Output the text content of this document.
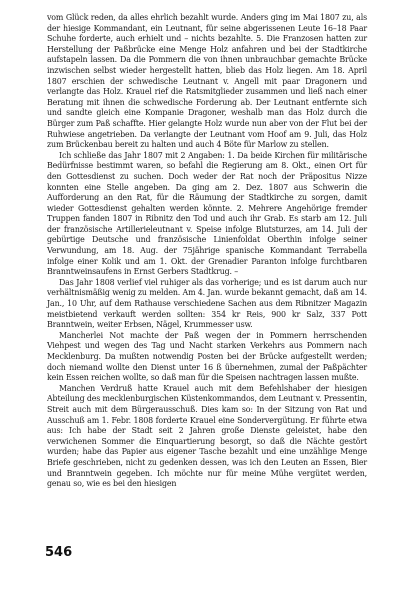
vom Glück reden, da alles ehrlich bezahlt wurde. Anders ging im Mai 1807 zu, als der hiesige Kommandant, ein Leutnant, für seine abgerissenen Leute 16–18 Paar Schuhe forderte, auch erhielt und – nichts bezahlte. 5. Die Franzosen hatten zur Herstellung der Paßbrücke eine Menge Holz anfahren und bei der Stadtkirche aufstapeln lassen. Da die Pommern die von ihnen unbrauchbar gemachte Brücke inzwischen selbst wieder hergestellt hatten, blieb das Holz liegen. Am 18. April 1807 erschien der schwedische Leutnant v. Angell mit paar Dragonern und verlangte das Holz. Krauel rief die Ratsmitglieder zusammen und ließ nach einer Beratung mit ihnen die schwedische Forderung ab. Der Leutnant entfernte sich und sandte gleich eine Kompanie Dragoner, weshalb man das Holz durch die Bürger zum Paß schaffte. Hier gelangte Holz wurde nun aber von der Flut bei der Ruhwiese angetrieben. Da verlangte der Leutnant vom Hoof am 9. Juli, das Holz zum Brückenbau bereit zu halten und auch 4 Böte für Marlow zu stellen.

Ich schließe das Jahr 1807 mit 2 Angaben: 1. Da beide Kirchen für militärische Bedürfnisse bestimmt waren, so befahl die Regierung am 8. Okt., einen Ort für den Gottesdienst zu suchen. Doch weder der Rat noch der Präpositus Nizze konnten eine Stelle angeben. Da ging am 2. Dez. 1807 aus Schwerin die Aufforderung an den Rat, für die Räumung der Stadtkirche zu sorgen, damit wieder Gottesdienst gehalten werden könnte. 2. Mehrere Angehörige fremder Truppen fanden 1807 in Ribnitz den Tod und auch ihr Grab. Es starb am 12. Juli der französische Artillerieleutnant v. Speise infolge Blutsturzes, am 14. Juli der gebürtige Deutsche und französische Linienfoldat Oberthin infolge seiner Verwundung, am 18. Aug. der 75jährige spanische Kommandant Terrabella infolge einer Kolik und am 1. Okt. der Grenadier Paranton infolge furchtbaren Branntweinsaufens in Ernst Gerbers Stadtkrug. –

Das Jahr 1808 verlief viel ruhiger als das vorherige; und es ist darum auch nur verhältnismäßig wenig zu melden. Am 4. Jan. wurde bekannt gemacht, daß am 14. Jan., 10 Uhr, auf dem Rathause verschiedene Sachen aus dem Ribnitzer Magazin meistbietend verkauft werden sollten: 354 kr Reis, 900 kr Salz, 337 Pott Branntwein, weiter Erbsen, Nägel, Krummesser usw.

Mancherlei Not machte der Paß wegen der in Pommern herrschenden Viehpest und wegen des Tag und Nacht starken Verkehrs aus Pommern nach Mecklenburg. Da mußten notwendig Posten bei der Brücke aufgestellt werden; doch niemand wollte den Dienst unter 16 ß übernehmen, zumal der Paßpächter kein Essen reichen wollte, so daß man für die Speisen nachtragen lassen mußte.

Manchen Verdruß hatte Krauel auch mit dem Befehlshaber der hiesigen Abteilung des mecklenburgischen Küstenkommandos, dem Leutnant v. Pressentin, Streit auch mit dem Bürgerausschuß. Dies kam so: In der Sitzung von Rat und Ausschuß am 1. Febr. 1808 forderte Krauel eine Sondervergütung. Er führte etwa aus: Ich habe der Stadt seit 2 Jahren große Dienste geleistet, habe den verwichenen Sommer die Einquartierung besorgt, so daß die Nächte gestört wurden; habe das Papier aus eigener Tasche bezahlt und eine unzählige Menge Briefe geschrieben, nicht zu gedenken dessen, was ich den Leuten an Essen, Bier und Branntwein gegeben. Ich möchte nur für meine Mühe vergütet werden, genau so, wie es bei den hiesigen

546
